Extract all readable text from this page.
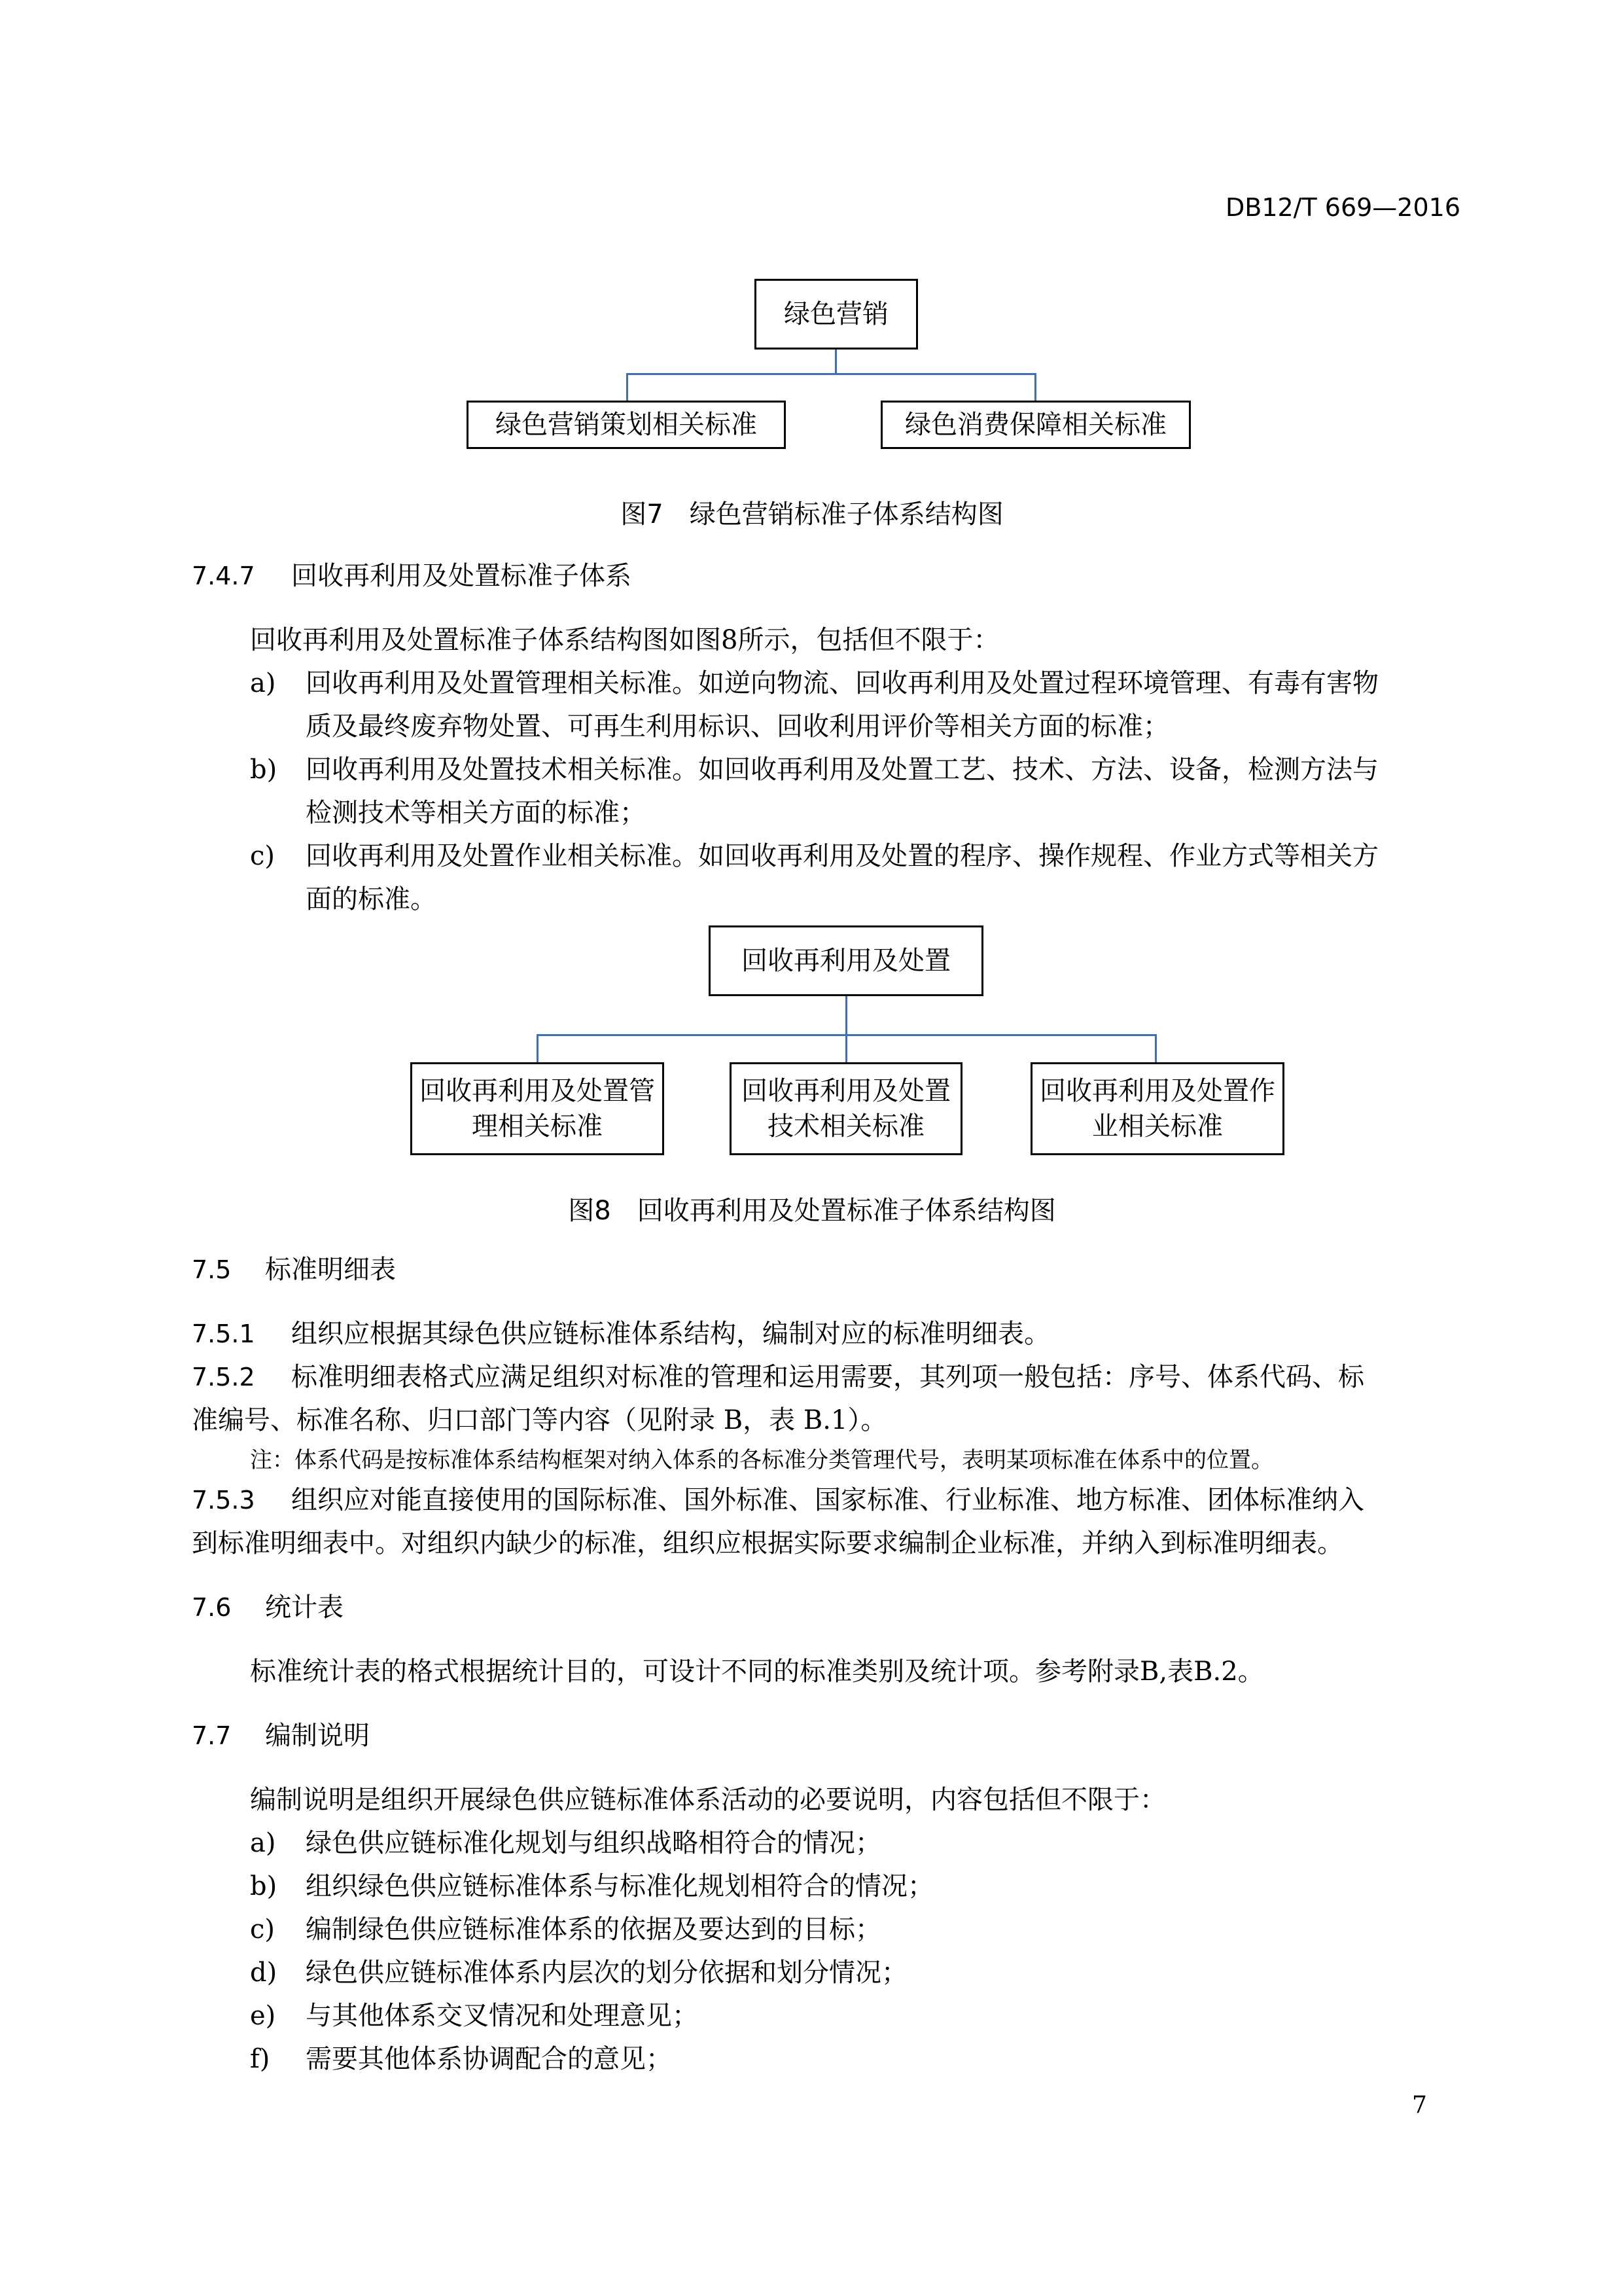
DB12/T 669—2016
绿色营销
绿色营销策划相关标准	绿色消费保障相关标准
图7　绿色营销标准子体系结构图
7.4.7 回收再利用及处置标准子体系
回收再利用及处置标准子体系结构图如图8所示，包括但不限于：
a) 回收再利用及处置管理相关标准。如逆向物流、回收再利用及处置过程环境管理、有毒有害物
质及最终废弃物处置、可再生利用标识、回收利用评价等相关方面的标准；
b) 回收再利用及处置技术相关标准。如回收再利用及处置工艺、技术、方法、设备，检测方法与
检测技术等相关方面的标准；
c) 回收再利用及处置作业相关标准。如回收再利用及处置的程序、操作规程、作业方式等相关方
面的标准。
回收再利用及处置
回收再利用及处置管
理相关标准
回收再利用及处置
技术相关标准
回收再利用及处置作
业相关标准
图8　回收再利用及处置标准子体系结构图
7.5 标准明细表
7.5.1 组织应根据其绿色供应链标准体系结构，编制对应的标准明细表。
7.5.2 标准明细表格式应满足组织对标准的管理和运用需要，其列项一般包括：序号、体系代码、标
准编号、标准名称、归口部门等内容（见附录 B，表 B.1）。
注：体系代码是按标准体系结构框架对纳入体系的各标准分类管理代号，表明某项标准在体系中的位置。
7.5.3 组织应对能直接使用的国际标准、国外标准、国家标准、行业标准、地方标准、团体标准纳入
到标准明细表中。对组织内缺少的标准，组织应根据实际要求编制企业标准，并纳入到标准明细表。
7.6 统计表
标准统计表的格式根据统计目的，可设计不同的标准类别及统计项。参考附录B,表B.2。
7.7 编制说明
编制说明是组织开展绿色供应链标准体系活动的必要说明，内容包括但不限于：
a) 绿色供应链标准化规划与组织战略相符合的情况；
b) 组织绿色供应链标准体系与标准化规划相符合的情况；
c) 编制绿色供应链标准体系的依据及要达到的目标；
d) 绿色供应链标准体系内层次的划分依据和划分情况；
e) 与其他体系交叉情况和处理意见；
f) 需要其他体系协调配合的意见；
7
